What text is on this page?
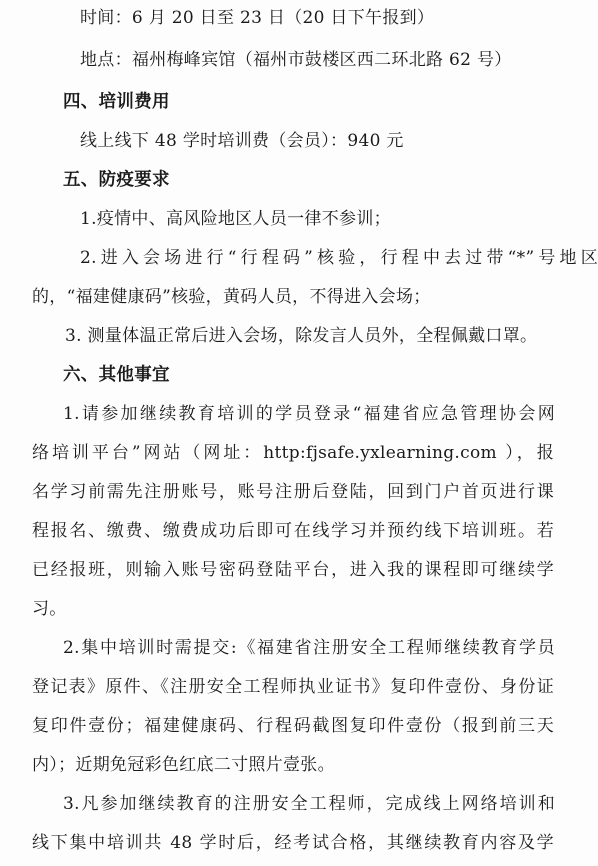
时间：6 月 20 日至 23 日（20 日下午报到）
地点：福州梅峰宾馆（福州市鼓楼区西二环北路 62 号）
四、培训费用
线上线下 48 学时培训费（会员）：940 元
五、防疫要求
1.疫情中、高风险地区人员一律不参训；
2.进入会场进行“行程码”核验，行程中去过带“*”号地区
的，“福建健康码”核验，黄码人员，不得进入会场；
3. 测量体温正常后进入会场，除发言人员外，全程佩戴口罩。
六、其他事宜
1.请参加继续教育培训的学员登录“福建省应急管理协会网
络培训平台”网站（网址：http:fjsafe.yxlearning.com ），报
名学习前需先注册账号，账号注册后登陆，回到门户首页进行课
程报名、缴费、缴费成功后即可在线学习并预约线下培训班。若
已经报班，则输入账号密码登陆平台，进入我的课程即可继续学
习。
2.集中培训时需提交:《福建省注册安全工程师继续教育学员
登记表》原件、《注册安全工程师执业证书》复印件壹份、身份证
复印件壹份；福建健康码、行程码截图复印件壹份（报到前三天
内）；近期免冠彩色红底二寸照片壹张。
3.凡参加继续教育的注册安全工程师，完成线上网络培训和
线下集中培训共 48 学时后，经考试合格，其继续教育内容及学
